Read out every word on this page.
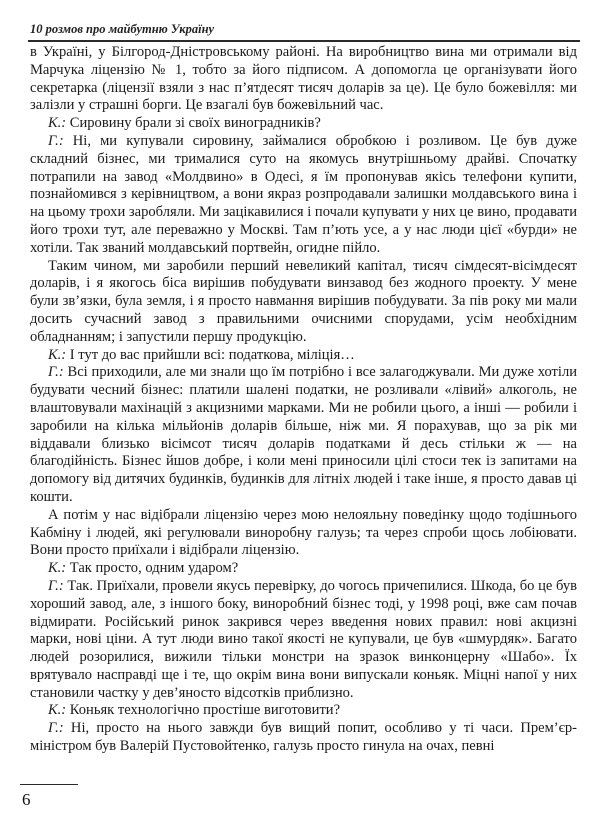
10 розмов про майбутню Україну

в Україні, у Білгород-Дністровському районі. На виробництво вина ми отримали від Марчука ліцензію № 1, тобто за його підписом. А допомогла це організувати його секретарка (ліцензії взяли з нас п’ятдесят тисяч доларів за це). Це було божевілля: ми залізли у страшні борги. Це взагалі був божевільний час.

К.: Сировину брали зі своїх виноградників?

Г.: Ні, ми купували сировину, займалися обробкою і розливом. Це був дуже складний бізнес, ми трималися суто на якомусь внутрішньому драйві. Спочатку потрапили на завод «Молдвино» в Одесі, я їм пропонував якісь телефони купити, познайомився з керівництвом, а вони якраз розпродавали залишки молдавського вина і на цьому трохи заробляли. Ми зацікавилися і почали купувати у них це вино, продавати його трохи тут, але переважно у Москві. Там п’ють усе, а у нас люди цієї «бурди» не хотіли. Так званий молдавський портвейн, огидне пійло.

Таким чином, ми заробили перший невеликий капітал, тисяч сімдесят-вісімдесят доларів, і я якогось біса вирішив побудувати винзавод без жодного проекту. У мене були зв’язки, була земля, і я просто навмання вирішив побудувати. За пів року ми мали досить сучасний завод з правильними очисними спорудами, усім необхідним обладнанням; і запустили першу продукцію.

К.: І тут до вас прийшли всі: податкова, міліція…

Г.: Всі приходили, але ми знали що їм потрібно і все залагоджували. Ми дуже хотіли будувати чесний бізнес: платили шалені податки, не розливали «лівий» алкоголь, не влаштовували махінацій з акцизними марками. Ми не робили цього, а інші — робили і заробили на кілька мільйонів доларів більше, ніж ми. Я порахував, що за рік ми віддавали близько вісімсот тисяч доларів податками й десь стільки ж — на благодійність. Бізнес йшов добре, і коли мені приносили цілі стоси тек із запитами на допомогу від дитячих будинків, будинків для літніх людей і таке інше, я просто давав ці кошти.

А потім у нас відібрали ліцензію через мою нелояльну поведінку щодо тодішнього Кабміну і людей, які регулювали виноробну галузь; та через спроби щось лобіювати. Вони просто приїхали і відібрали ліцензію.

К.: Так просто, одним ударом?

Г.: Так. Приїхали, провели якусь перевірку, до чогось причепилися. Шкода, бо це був хороший завод, але, з іншого боку, виноробний бізнес тоді, у 1998 році, вже сам почав відмирати. Російський ринок закрився через введення нових правил: нові акцизні марки, нові ціни. А тут люди вино такої якості не купували, це був «шмурдяк». Багато людей розорилися, вижили тільки монстри на зразок винконцерну «Шабо». Їх врятувало насправді ще і те, що окрім вина вони випускали коньяк. Міцні напої у них становили частку у дев’яносто відсотків приблизно.

К.: Коньяк технологічно простіше виготовити?

Г.: Ні, просто на нього завжди був вищий попит, особливо у ті часи. Прем’єр-міністром був Валерій Пустовойтенко, галузь просто гинула на очах, певні

6
